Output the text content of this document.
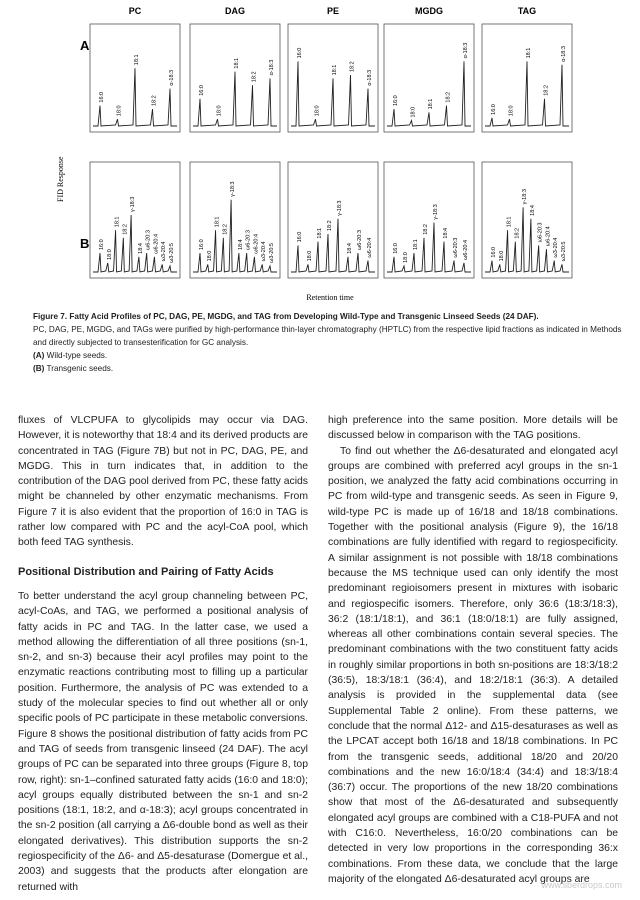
PC	DAG	PE	MGDG	TAG
A
B
FID Response
Retention time
16:0
18:0
18:1
18:2
α-18:3
16:0
18:0
18:1
18:2
α-18:3
16:0
18:0
18:1 18:2
α-18:3
16:0
18:0
18:1
18:2
α-18:3
16:0 18:0
18:1
18:2
α-18:3
16:0
18:0
18:1
18:2
γ-18:3
18:4 ω6-20:3 ω6-20:4 ω3-20:4 ω3-20:5	16:0
18:0
18:1
18:2
γ-18:3
18:4 ω6-20:3 ω6-20:4 ω3-20:4 ω3-20:5
16:0
18:0
18:1
18:2
γ-18:3
18:4 ω6-20:3 ω6-20:4	16:0
18:0
18:1
18:2
γ-18:3
18:4
ω6-20:3 ω6-20:4	16:0 18:0
18:1
18:2
γ-18:3
18:4
ω6-20:3 ω6-20:4
ω3-20:4 ω3-20:5
Figure 7. Fatty Acid Profiles of PC, DAG, PE, MGDG, and TAG from Developing Wild-Type and Transgenic Linseed Seeds (24 DAF).
PC, DAG, PE, MGDG, and TAGs were purified by high-performance thin-layer chromatography (HPTLC) from the respective lipid fractions as indicated in Methods and directly subjected to transesterification for GC analysis.
(A) Wild-type seeds.
(B) Transgenic seeds.

fluxes of VLCPUFA to glycolipids may occur via DAG. However, it is noteworthy that 18:4 and its derived products are concentrated in TAG (Figure 7B) but not in PC, DAG, PE, and MGDG. This in turn indicates that, in addition to the contribution of the DAG pool derived from PC, these fatty acids might be channeled by other enzymatic mechanisms. From Figure 7 it is also evident that the proportion of 16:0 in TAG is rather low compared with PC and the acyl-CoA pool, which both feed TAG synthesis.

Positional Distribution and Pairing of Fatty Acids

To better understand the acyl group channeling between PC, acyl-CoAs, and TAG, we performed a positional analysis of fatty acids in PC and TAG. In the latter case, we used a method allowing the differentiation of all three positions (sn-1, sn-2, and sn-3) because their acyl profiles may point to the enzymatic reactions contributing most to filling up a particular position. Furthermore, the analysis of PC was extended to a study of the molecular species to find out whether all or only specific pools of PC participate in these metabolic conversions. Figure 8 shows the positional distribution of fatty acids from PC and TAG of seeds from transgenic linseed (24 DAF). The acyl groups of PC can be separated into three groups (Figure 8, top row, right): sn-1–confined saturated fatty acids (16:0 and 18:0); acyl groups equally distributed between the sn-1 and sn-2 positions (18:1, 18:2, and α-18:3); acyl groups concentrated in the sn-2 position (all carrying a Δ6-double bond as well as their elongated derivatives). This distribution supports the sn-2 regiospecificity of the Δ6- and Δ5-desaturase (Domergue et al., 2003) and suggests that the products after elongation are returned with

high preference into the same position. More details will be discussed below in comparison with the TAG positions.

To find out whether the Δ6-desaturated and elongated acyl groups are combined with preferred acyl groups in the sn-1 position, we analyzed the fatty acid combinations occurring in PC from wild-type and transgenic seeds. As seen in Figure 9, wild-type PC is made up of 16/18 and 18/18 combinations. Together with the positional analysis (Figure 9), the 16/18 combinations are fully identified with regard to regiospecificity. A similar assignment is not possible with 18/18 combinations because the MS technique used can only identify the most predominant regioisomers present in mixtures with isobaric and regiospecific isomers. Therefore, only 36:6 (18:3/18:3), 36:2 (18:1/18:1), and 36:1 (18:0/18:1) are fully assigned, whereas all other combinations contain several species. The predominant combinations with the two constituent fatty acids in roughly similar proportions in both sn-positions are 18:3/18:2 (36:5), 18:3/18:1 (36:4), and 18:2/18:1 (36:3). A detailed analysis is provided in the supplemental data (see Supplemental Table 2 online). From these patterns, we conclude that the normal Δ12- and Δ15-desaturases as well as the LPCAT accept both 16/18 and 18/18 combinations. In PC from the transgenic seeds, additional 18/20 and 20/20 combinations and the new 16:0/18:4 (34:4) and 18:3/18:4 (36:7) occur. The proportions of the new 18/20 combinations show that most of the Δ6-desaturated and subsequently elongated acyl groups are combined with a C18-PUFA and not with C16:0. Nevertheless, 16:0/20 combinations can be detected in very low proportions in the corresponding 36:x combinations. From these data, we conclude that the large majority of the elongated Δ6-desaturated acyl groups are

www.iiberdrops.com
